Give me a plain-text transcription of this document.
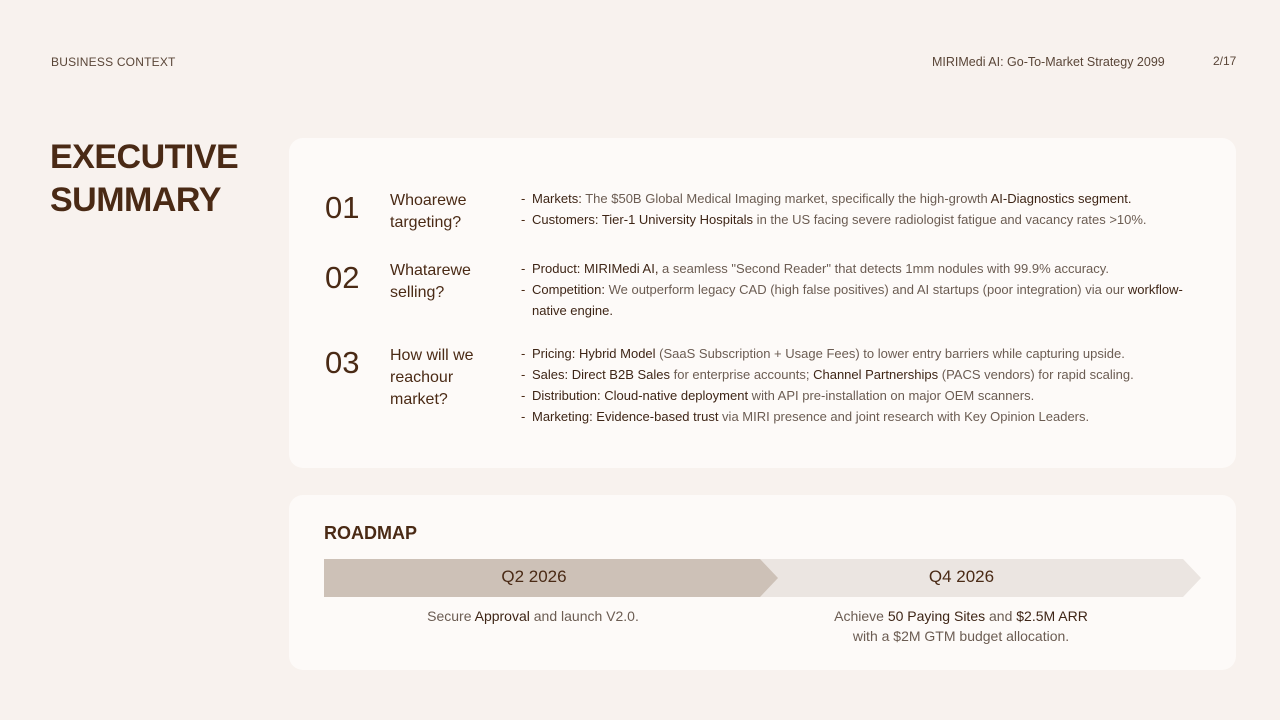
BUSINESS CONTEXT	MIRIMedi AI: Go-To-Market Strategy 2099	2/17
EXECUTIVE
SUMMARY	01 Whoarewe
targeting?
- Markets: The $50B Global Medical Imaging market, specifically the high-growth AI-Diagnostics segment.
- Customers: Tier-1 University Hospitals in the US facing severe radiologist fatigue and vacancy rates >10%.
02 Whatarewe
selling?
- Product: MIRIMedi AI, a seamless "Second Reader" that detects 1mm nodules with 99.9% accuracy.
- Competition: We outperform legacy CAD (high false positives) and AI startups (poor integration) via our workflow-native engine.
03 How will we
reachour
market?
- Pricing: Hybrid Model (SaaS Subscription + Usage Fees) to lower entry barriers while capturing upside.
- Sales: Direct B2B Sales for enterprise accounts; Channel Partnerships (PACS vendors) for rapid scaling.
- Distribution: Cloud-native deployment with API pre-installation on major OEM scanners.
- Marketing: Evidence-based trust via MIRI presence and joint research with Key Opinion Leaders.
ROADMAP
Q2 2026	Q4 2026
Secure Approval and launch V2.0.	Achieve 50 Paying Sites and $2.5M ARR
with a $2M GTM budget allocation.
